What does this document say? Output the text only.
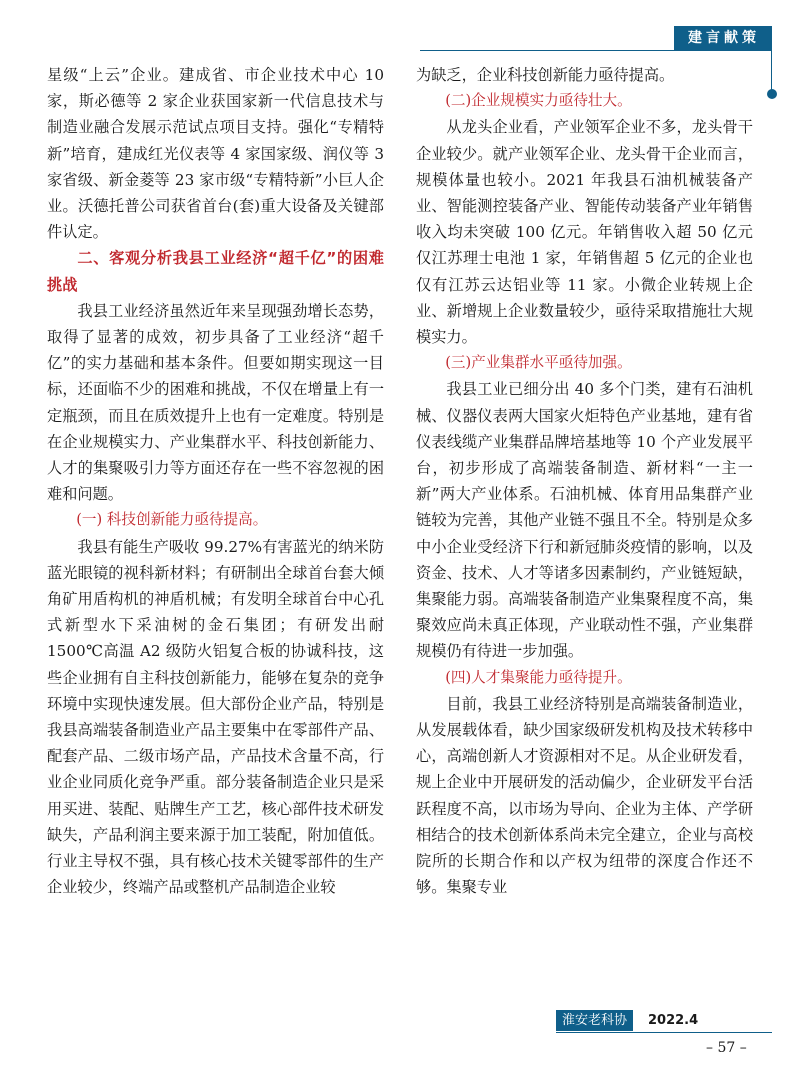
建言献策

星级“上云”企业。建成省、市企业技术中心 10 家，斯必德等 2 家企业获国家新一代信息技术与制造业融合发展示范试点项目支持。强化“专精特新”培育，建成红光仪表等 4 家国家级、润仪等 3 家省级、新金菱等 23 家市级“专精特新”小巨人企业。沃德托普公司获省首台(套)重大设备及关键部件认定。

二、客观分析我县工业经济“超千亿”的困难挑战

我县工业经济虽然近年来呈现强劲增长态势，取得了显著的成效，初步具备了工业经济“超千亿”的实力基础和基本条件。但要如期实现这一目标，还面临不少的困难和挑战，不仅在增量上有一定瓶颈，而且在质效提升上也有一定难度。特别是在企业规模实力、产业集群水平、科技创新能力、人才的集聚吸引力等方面还存在一些不容忽视的困难和问题。

(一) 科技创新能力亟待提高。

我县有能生产吸收 99.27%有害蓝光的纳米防蓝光眼镜的视科新材料；有研制出全球首台套大倾角矿用盾构机的神盾机械；有发明全球首台中心孔式新型水下采油树的金石集团；有研发出耐 1500℃高温 A2 级防火铝复合板的协诚科技，这些企业拥有自主科技创新能力，能够在复杂的竞争环境中实现快速发展。但大部份企业产品，特别是我县高端装备制造业产品主要集中在零部件产品、配套产品、二级市场产品，产品技术含量不高，行业企业同质化竞争严重。部分装备制造企业只是采用买进、装配、贴牌生产工艺，核心部件技术研发缺失，产品利润主要来源于加工装配，附加值低。行业主导权不强，具有核心技术关键零部件的生产企业较少，终端产品或整机产品制造企业较

为缺乏，企业科技创新能力亟待提高。

(二)企业规模实力亟待壮大。

从龙头企业看，产业领军企业不多，龙头骨干企业较少。就产业领军企业、龙头骨干企业而言，规模体量也较小。2021 年我县石油机械装备产业、智能测控装备产业、智能传动装备产业年销售收入均未突破 100 亿元。年销售收入超 50 亿元仅江苏理士电池 1 家，年销售超 5 亿元的企业也仅有江苏云达铝业等 11 家。小微企业转规上企业、新增规上企业数量较少，亟待采取措施壮大规模实力。

(三)产业集群水平亟待加强。

我县工业已细分出 40 多个门类，建有石油机械、仪器仪表两大国家火炬特色产业基地，建有省仪表线缆产业集群品牌培基地等 10 个产业发展平台，初步形成了高端装备制造、新材料“一主一新”两大产业体系。石油机械、体育用品集群产业链较为完善，其他产业链不强且不全。特别是众多中小企业受经济下行和新冠肺炎疫情的影响，以及资金、技术、人才等诸多因素制约，产业链短缺，集聚能力弱。高端装备制造产业集聚程度不高，集聚效应尚未真正体现，产业联动性不强，产业集群规模仍有待进一步加强。

(四)人才集聚能力亟待提升。

目前，我县工业经济特别是高端装备制造业，从发展载体看，缺少国家级研发机构及技术转移中心，高端创新人才资源相对不足。从企业研发看，规上企业中开展研发的活动偏少，企业研发平台活跃程度不高，以市场为导向、企业为主体、产学研相结合的技术创新体系尚未完全建立，企业与高校院所的长期合作和以产权为纽带的深度合作还不够。集聚专业

淮安老科协	2022.4
– 57 –
